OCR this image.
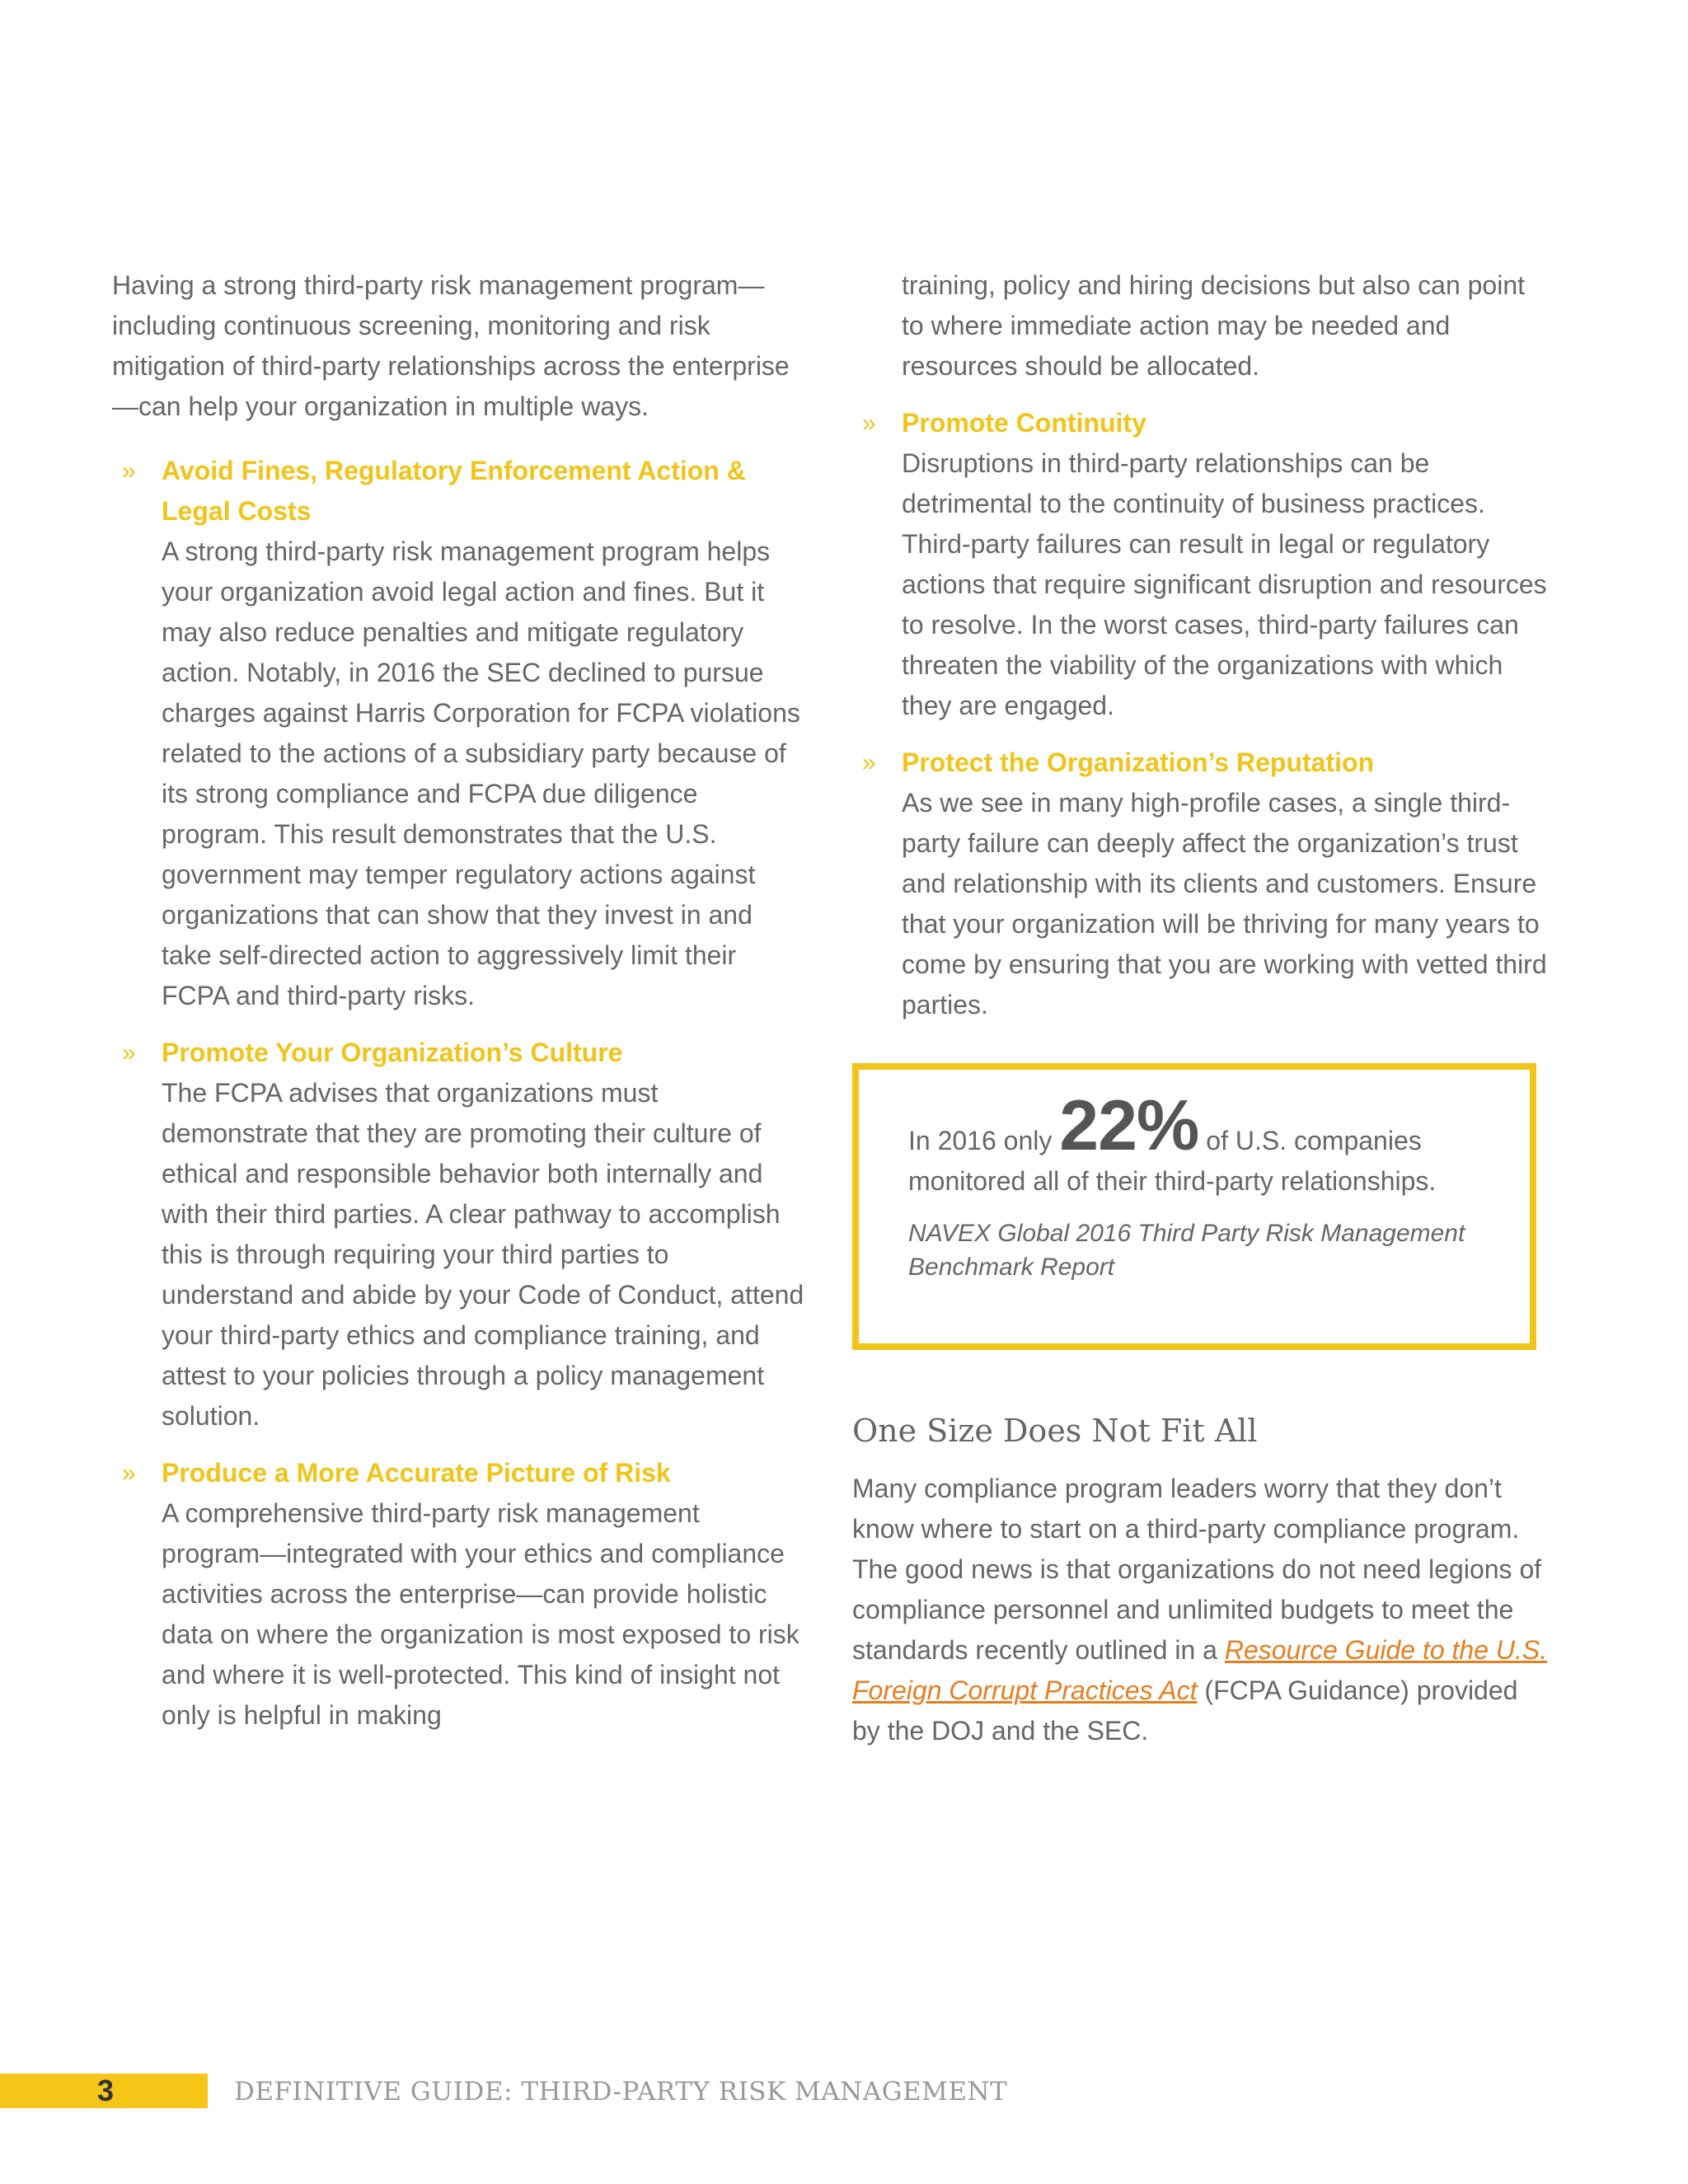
Having a strong third-party risk management program—including continuous screening, monitoring and risk mitigation of third-party relationships across the enterprise—can help your organization in multiple ways.

» Avoid Fines, Regulatory Enforcement Action & Legal Costs

A strong third-party risk management program helps your organization avoid legal action and fines. But it may also reduce penalties and mitigate regulatory action. Notably, in 2016 the SEC declined to pursue charges against Harris Corporation for FCPA violations related to the actions of a subsidiary party because of its strong compliance and FCPA due diligence program. This result demonstrates that the U.S. government may temper regulatory actions against organizations that can show that they invest in and take self-directed action to aggressively limit their FCPA and third-party risks.

» Promote Your Organization’s Culture

The FCPA advises that organizations must demonstrate that they are promoting their culture of ethical and responsible behavior both internally and with their third parties. A clear pathway to accomplish this is through requiring your third parties to understand and abide by your Code of Conduct, attend your third-party ethics and compliance training, and attest to your policies through a policy management solution.

» Produce a More Accurate Picture of Risk

A comprehensive third-party risk management program—integrated with your ethics and compliance activities across the enterprise—can provide holistic data on where the organization is most exposed to risk and where it is well-protected. This kind of insight not only is helpful in making

training, policy and hiring decisions but also can point to where immediate action may be needed and resources should be allocated.

» Promote Continuity

Disruptions in third-party relationships can be detrimental to the continuity of business practices. Third-party failures can result in legal or regulatory actions that require significant disruption and resources to resolve. In the worst cases, third-party failures can threaten the viability of the organizations with which they are engaged.

» Protect the Organization’s Reputation

As we see in many high-profile cases, a single third-party failure can deeply affect the organization’s trust and relationship with its clients and customers. Ensure that your organization will be thriving for many years to come by ensuring that you are working with vetted third parties.

In 2016 only 22% of U.S. companies
monitored all of their third-party relationships.
NAVEX Global 2016 Third Party Risk Management Benchmark Report
One Size Does Not Fit All

Many compliance program leaders worry that they don’t know where to start on a third-party compliance program. The good news is that organizations do not need legions of compliance personnel and unlimited budgets to meet the standards recently outlined in a Resource Guide to the U.S. Foreign Corrupt Practices Act (FCPA Guidance) provided by the DOJ and the SEC.

3	DEFINITIVE GUIDE: THIRD-PARTY RISK MANAGEMENT
